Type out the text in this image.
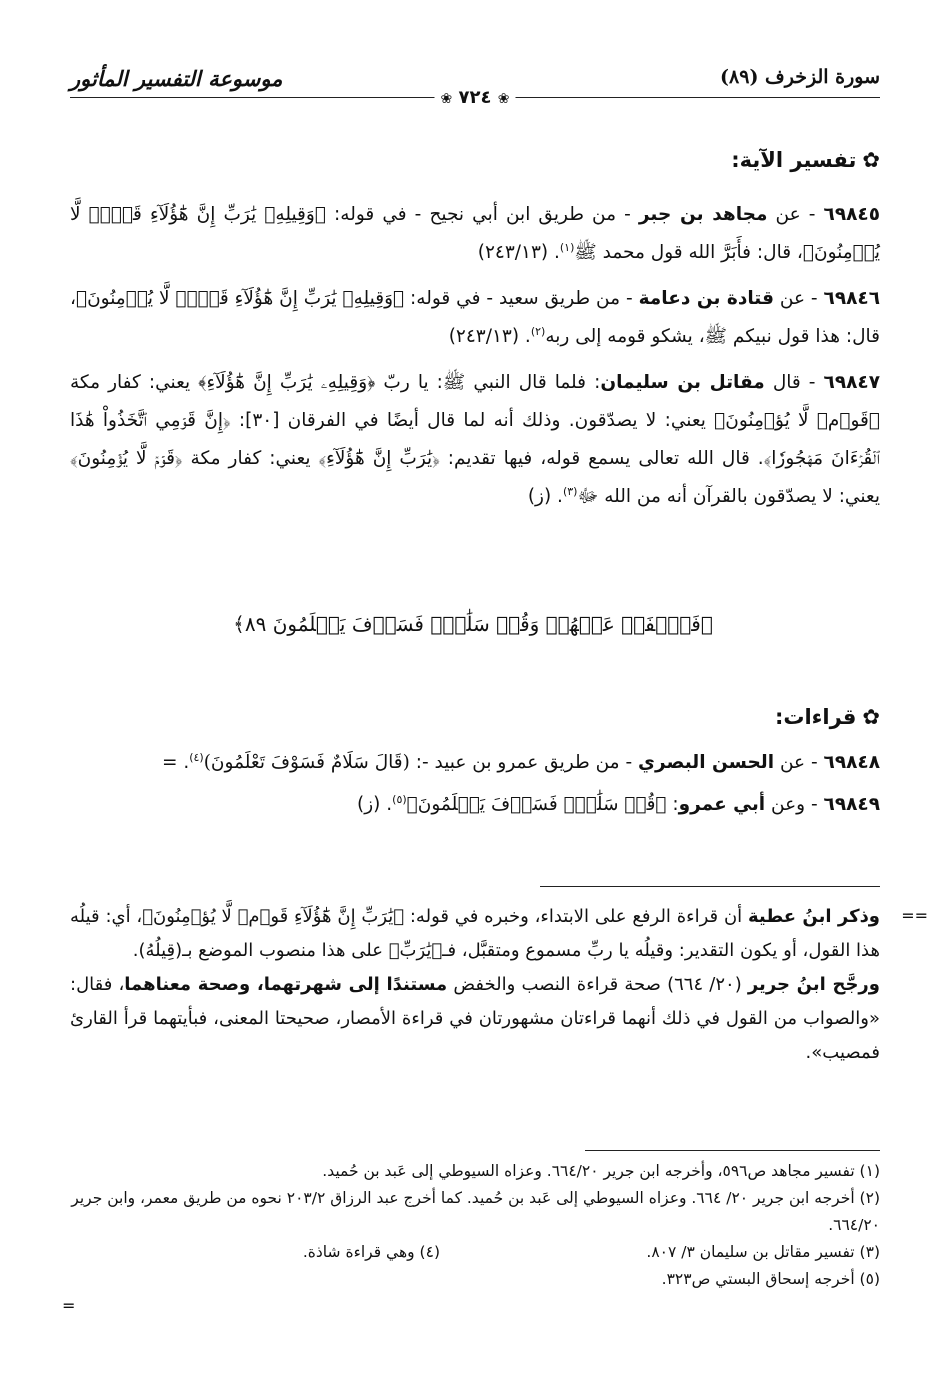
سورة الزخرف (٨٩)
موسوعة التفسير المأثور
❀ ٧٢٤ ❀
✿تفسير الآية:

٦٩٨٤٥ - عن مجاهد بن جبر - من طريق ابن أبي نجيح - في قوله: ﴿وَقِيلِهِۦ يَٰرَبِّ إِنَّ هَٰٓؤُلَآءِ قَوۡمٞ لَّا يُؤۡمِنُونَ﴾، قال: فأَبَرَّ الله قول محمد ﷺ$^{(١)}$. (٢٤٣/١٣)

٦٩٨٤٦ - عن قتادة بن دعامة - من طريق سعيد - في قوله: ﴿وَقِيلِهِۦ يَٰرَبِّ إِنَّ هَٰٓؤُلَآءِ قَوۡمٞ لَّا يُؤۡمِنُونَ﴾، قال: هذا قول نبيكم ﷺ، يشكو قومه إلى ربه$^{(٢)}$. (٢٤٣/١٣)

٦٩٨٤٧ - قال مقاتل بن سليمان: فلما قال النبي ﷺ: يا ربّ ﴿وَقِيلِهِۦ يَٰرَبِّ إِنَّ هَٰٓؤُلَآءِ﴾ يعني: كفار مكة ﴿قَوۡمٞ لَّا يُؤۡمِنُونَ﴾ يعني: لا يصدّقون. وذلك أنه لما قال أيضًا في الفرقان [٣٠]: ﴿إِنَّ قَوۡمِي ٱتَّخَذُواْ هَٰذَا ٱلۡقُرۡءَانَ مَهۡجُورٗا﴾. قال الله تعالى يسمع قوله، فيها تقديم: ﴿يَٰرَبِّ إِنَّ هَٰٓؤُلَآءِ﴾ يعني: كفار مكة ﴿قَوۡمٞ لَّا يُؤۡمِنُونَ﴾ يعني: لا يصدّقون بالقرآن أنه من الله ﷻ$^{(٣)}$. (ز)

﴿فَٱصۡفَحۡ عَنۡهُمۡ وَقُلۡ سَلَٰمٞۚ فَسَوۡفَ يَعۡلَمُونَ ٨٩﴾
✿قراءات:

٦٩٨٤٨ - عن الحسن البصري - من طريق عمرو بن عبيد -: (قَالَ سَلَامٌ فَسَوْفَ تَعْلَمُونَ)$^{(٤)}$. =

٦٩٨٤٩ - وعن أبي عمرو: ﴿قُلۡ سَلَٰمٞۚ فَسَوۡفَ يَعۡلَمُونَ﴾$^{(٥)}$. (ز)

==

وذكر ابنُ عطية أن قراءة الرفع على الابتداء، وخبره في قوله: ﴿يَٰرَبِّ إِنَّ هَٰٓؤُلَآءِ قَوۡمٞ لَّا يُؤۡمِنُونَ﴾، أي: قيلُه هذا القول، أو يكون التقدير: وقيلُه يا ربِّ مسموع ومتقبَّل، فـ﴿يَٰرَبِّ﴾ على هذا منصوب الموضع بـ(قِيلُهُ).

ورجَّح ابنُ جرير (٢٠/ ٦٦٤) صحة قراءة النصب والخفض مستندًا إلى شهرتهما، وصحة معناهما، فقال: «والصواب من القول في ذلك أنهما قراءتان مشهورتان في قراءة الأمصار، صحيحتا المعنى، فبأيتهما قرأ القارئ فمصيب».

(١) تفسير مجاهد ص٥٩٦، وأخرجه ابن جرير ٦٦٤/٢٠. وعزاه السيوطي إلى عَبد بن حُميد.
(٢) أخرجه ابن جرير ٢٠/ ٦٦٤. وعزاه السيوطي إلى عَبد بن حُميد. كما أخرج عبد الرزاق ٢٠٣/٢ نحوه من طريق معمر، وابن جرير ٦٦٤/٢٠.
(٣) تفسير مقاتل بن سليمان ٣/ ٨٠٧.
(٤) وهي قراءة شاذة.
(٥) أخرجه إسحاق البستي ص٣٢٣.
=
